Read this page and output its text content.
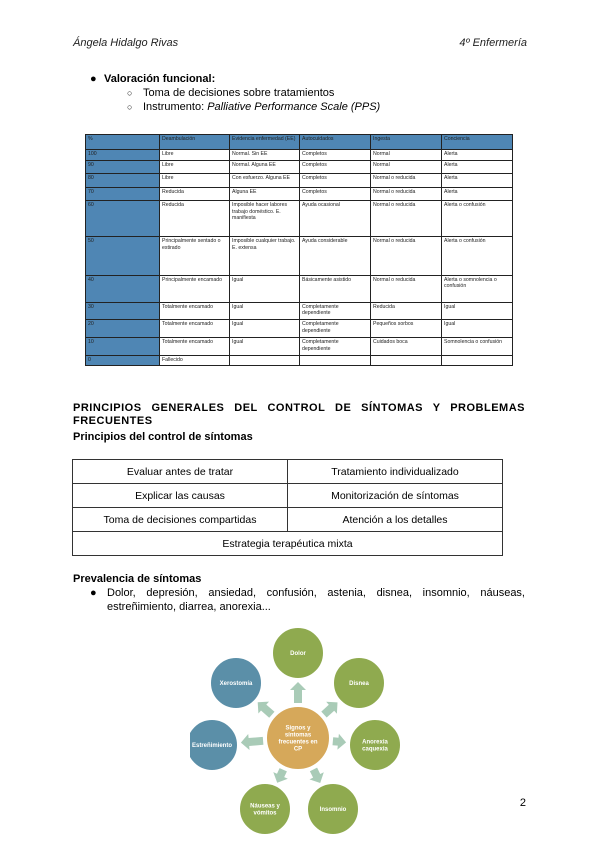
Ángela Hidalgo Rivas	4º Enfermería
● Valoración funcional:
○ Toma de decisiones sobre tratamientos
○ Instrumento: Palliative Performance Scale (PPS)
%	Deambulación	Evidencia enfermedad (EE)	Autocuidados	Ingesta	Conciencia
100	Libre	Normal. Sin EE	Completos	Normal	Alerta
90	Libre	Normal. Alguna EE	Completos	Normal	Alerta
80	Libre	Con esfuerzo. Alguna EE	Completos	Normal o reducida	Alerta
70	Reducida	Alguna EE	Completos	Normal o reducida	Alerta
60	Reducida	Imposible hacer labores trabajo doméstico. E. manifiesta	Ayuda ocasional	Normal o reducida	Alerta o confusión
50	Principalmente sentado o estirado	Imposible cualquier trabajo. E. extensa	Ayuda considerable	Normal o reducida	Alerta o confusión
40	Principalmente encamado	Igual	Básicamente asistido	Normal o reducida	Alerta o somnolencia o confusión
30	Totalmente encamado	Igual	Completamente dependiente	Reducida	Igual
20	Totalmente encamado	Igual	Completamente dependiente	Pequeños sorbos	Igual
10	Totalmente encamado	Igual	Completamente dependiente	Cuidados boca	Somnolencia o confusión
0	Fallecido				
PRINCIPIOS GENERALES DEL CONTROL DE SÍNTOMAS Y PROBLEMAS
FRECUENTES
Principios del control de síntomas
Evaluar antes de tratar	Tratamiento individualizado
Explicar las causas	Monitorización de síntomas
Toma de decisiones compartidas	Atención a los detalles
Estrategia terapéutica mixta	
Prevalencia de síntomas
● Dolor, depresión, ansiedad, confusión, astenia, disnea, insomnio, náuseas, estreñimiento, diarrea, anorexia...
Dolor
Disnea
Anorexia
caquexia
Insomnio
Náuseas y
vómitos
Estreñimiento
Xerostomía
Signos y
síntomas
frecuentes en
CP
2
